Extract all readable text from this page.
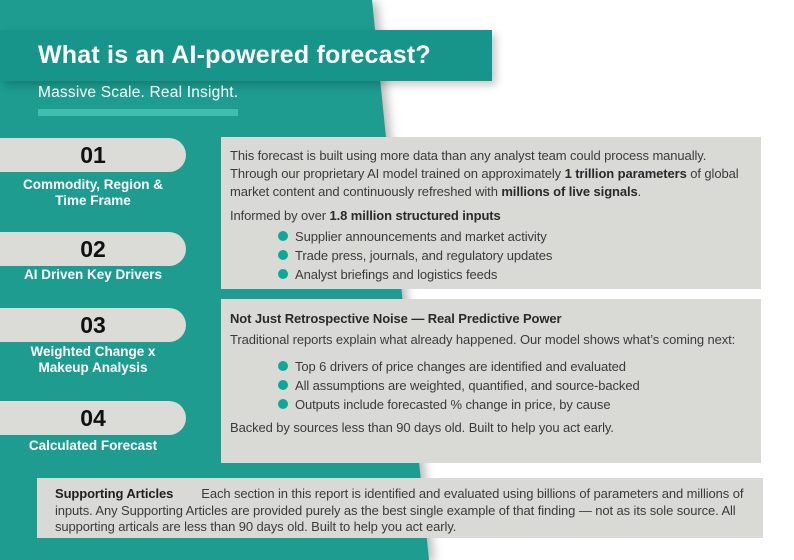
What is an AI-powered forecast?
Massive Scale. Real Insight.
01
Commodity, Region & Time Frame
02
AI Driven Key Drivers
03
Weighted Change x Makeup Analysis
04
Calculated Forecast

This forecast is built using more data than any analyst team could process manually. Through our proprietary AI model trained on approximately 1 trillion parameters of global market content and continuously refreshed with millions of live signals.

Informed by over 1.8 million structured inputs

Supplier announcements and market activity
Trade press, journals, and regulatory updates
Analyst briefings and logistics feeds

Not Just Retrospective Noise — Real Predictive Power

Traditional reports explain what already happened. Our model shows what’s coming next:

Top 6 drivers of price changes are identified and evaluated
All assumptions are weighted, quantified, and source-backed
Outputs include forecasted % change in price, by cause

Backed by sources less than 90 days old. Built to help you act early.

Supporting Articles Each section in this report is identified and evaluated using billions of parameters and millions of inputs. Any Supporting Articles are provided purely as the best single example of that finding — not as its sole source. All supporting articals are less than 90 days old. Built to help you act early.
